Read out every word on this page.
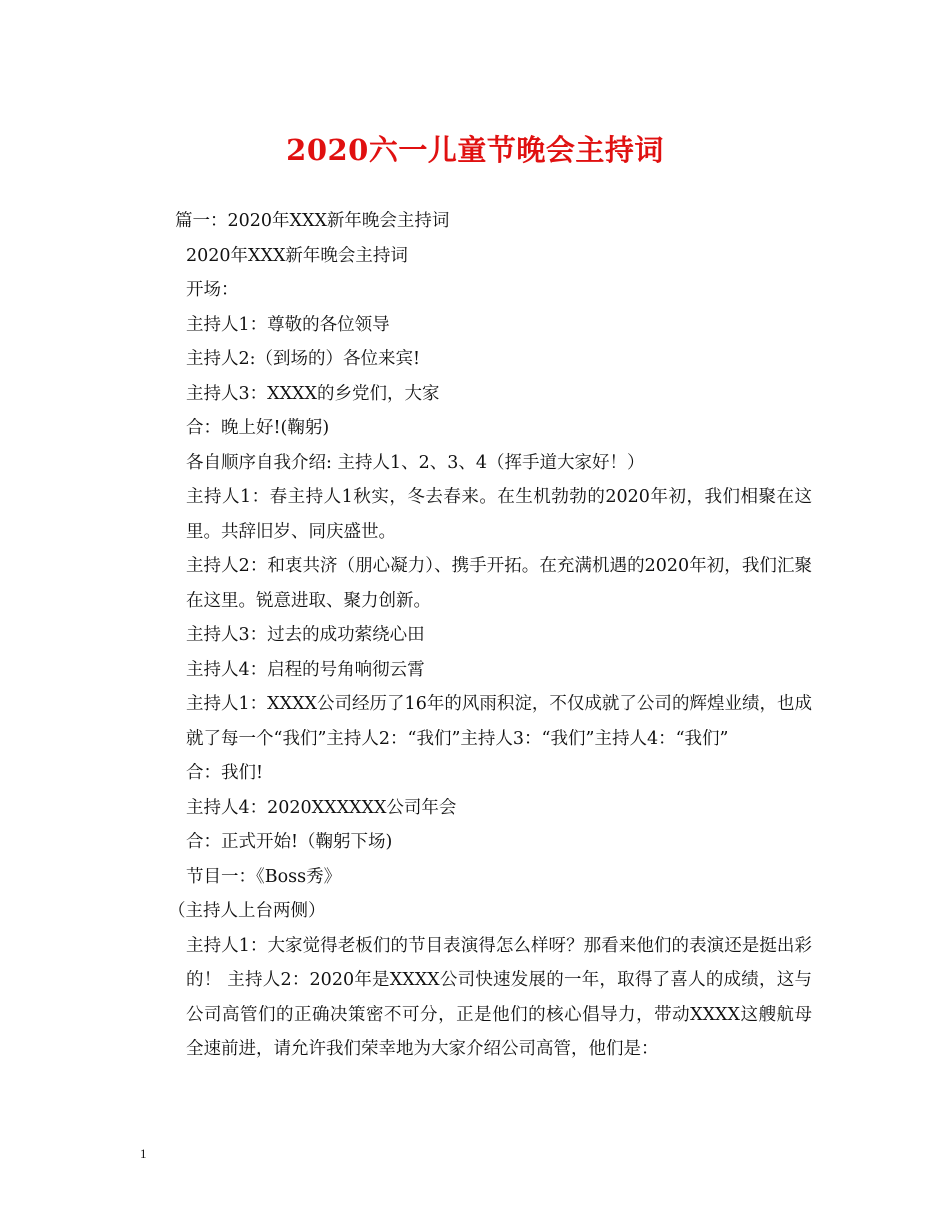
2020六一儿童节晚会主持词

篇一：2020年XXX新年晚会主持词

2020年XXX新年晚会主持词

开场：

主持人1：尊敬的各位领导

主持人2:（到场的）各位来宾!

主持人3：XXXX的乡党们，大家

合：晚上好!(鞠躬)

各自顺序自我介绍: 主持人1、2、3、4（挥手道大家好！）

主持人1：春主持人1秋实，冬去春来。在生机勃勃的2020年初，我们相聚在这里。共辞旧岁、同庆盛世。

主持人2：和衷共济（朋心凝力）、携手开拓。在充满机遇的2020年初，我们汇聚在这里。锐意进取、聚力创新。

主持人3：过去的成功萦绕心田

主持人4：启程的号角响彻云霄

主持人1：XXXX公司经历了16年的风雨积淀，不仅成就了公司的辉煌业绩，也成就了每一个“我们”主持人2：“我们”主持人3：“我们”主持人4：“我们”

合：我们!

主持人4：2020XXXXXX公司年会

合：正式开始!（鞠躬下场)

节目一：《Boss秀》

（主持人上台两侧）

主持人1：大家觉得老板们的节目表演得怎么样呀？那看来他们的表演还是挺出彩的！ 主持人2：2020年是XXXX公司快速发展的一年，取得了喜人的成绩，这与公司高管们的正确决策密不可分，正是他们的核心倡导力，带动XXXX这艘航母全速前进，请允许我们荣幸地为大家介绍公司高管，他们是：

1
